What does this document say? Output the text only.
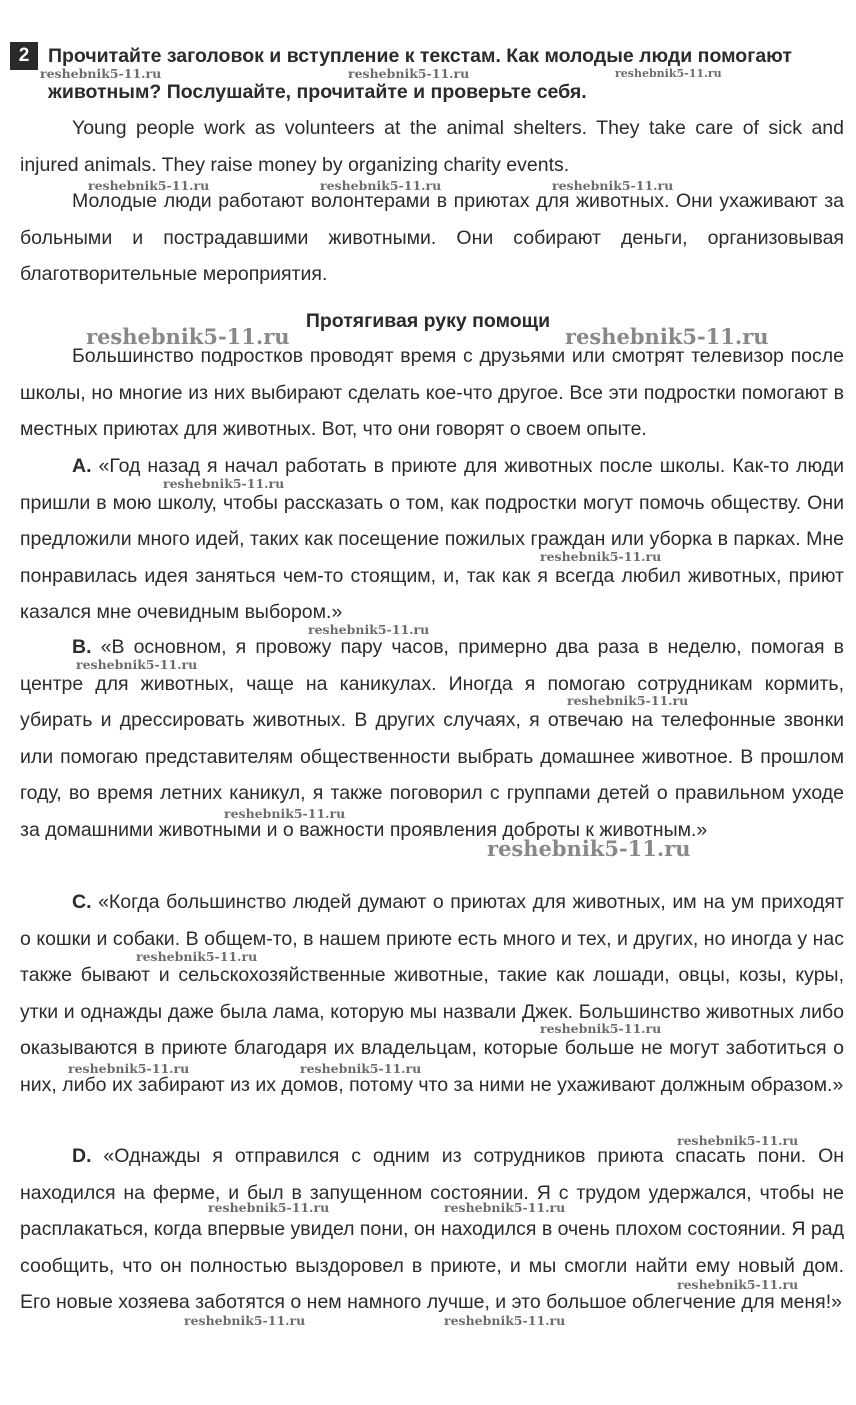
2 Прочитайте заголовок и вступление к текстам. Как молодые люди помогают животным? Послушайте, прочитайте и проверьте себя.

Young people work as volunteers at the animal shelters. They take care of sick and injured animals. They raise money by organizing charity events.

Молодые люди работают волонтерами в приютах для животных. Они ухаживают за больными и пострадавшими животными. Они собирают деньги, организовывая благотворительные мероприятия.

Протягивая руку помощи

Большинство подростков проводят время с друзьями или смотрят телевизор после школы, но многие из них выбирают сделать кое-что другое. Все эти подростки помогают в местных приютах для животных. Вот, что они говорят о своем опыте.

A. «Год назад я начал работать в приюте для животных после школы. Как-то люди пришли в мою школу, чтобы рассказать о том, как подростки могут помочь обществу. Они предложили много идей, таких как посещение пожилых граждан или уборка в парках. Мне понравилась идея заняться чем-то стоящим, и, так как я всегда любил животных, приют казался мне очевидным выбором.»

B. «В основном, я провожу пару часов, примерно два раза в неделю, помогая в центре для животных, чаще на каникулах. Иногда я помогаю сотрудникам кормить, убирать и дрессировать животных. В других случаях, я отвечаю на телефонные звонки или помогаю представителям общественности выбрать домашнее животное. В прошлом году, во время летних каникул, я также поговорил с группами детей о правильном уходе за домашними животными и о важности проявления доброты к животным.»

C. «Когда большинство людей думают о приютах для животных, им на ум приходят о кошки и собаки. В общем-то, в нашем приюте есть много и тех, и других, но иногда у нас также бывают и сельскохозяйственные животные, такие как лошади, овцы, козы, куры, утки и однажды даже была лама, которую мы назвали Джек. Большинство животных либо оказываются в приюте благодаря их владельцам, которые больше не могут заботиться о них, либо их забирают из их домов, потому что за ними не ухаживают должным образом.»

D. «Однажды я отправился с одним из сотрудников приюта спасать пони. Он находился на ферме, и был в запущенном состоянии. Я с трудом удержался, чтобы не расплакаться, когда впервые увидел пони, он находился в очень плохом состоянии. Я рад сообщить, что он полностью выздоровел в приюте, и мы смогли найти ему новый дом. Его новые хозяева заботятся о нем намного лучше, и это большое облегчение для меня!»

reshebnik5-11.ru	reshebnik5-11.ru	reshebnik5-11.ru
reshebnik5-11.ru	reshebnik5-11.ru	reshebnik5-11.ru
reshebnik5-11.ru	reshebnik5-11.ru
reshebnik5-11.ru
reshebnik5-11.ru
reshebnik5-11.ru
reshebnik5-11.ru
reshebnik5-11.ru
reshebnik5-11.ru
reshebnik5-11.ru
reshebnik5-11.ru
reshebnik5-11.ru
reshebnik5-11.ru	reshebnik5-11.ru
reshebnik5-11.ru
reshebnik5-11.ru	reshebnik5-11.ru
reshebnik5-11.ru
reshebnik5-11.ru	reshebnik5-11.ru
